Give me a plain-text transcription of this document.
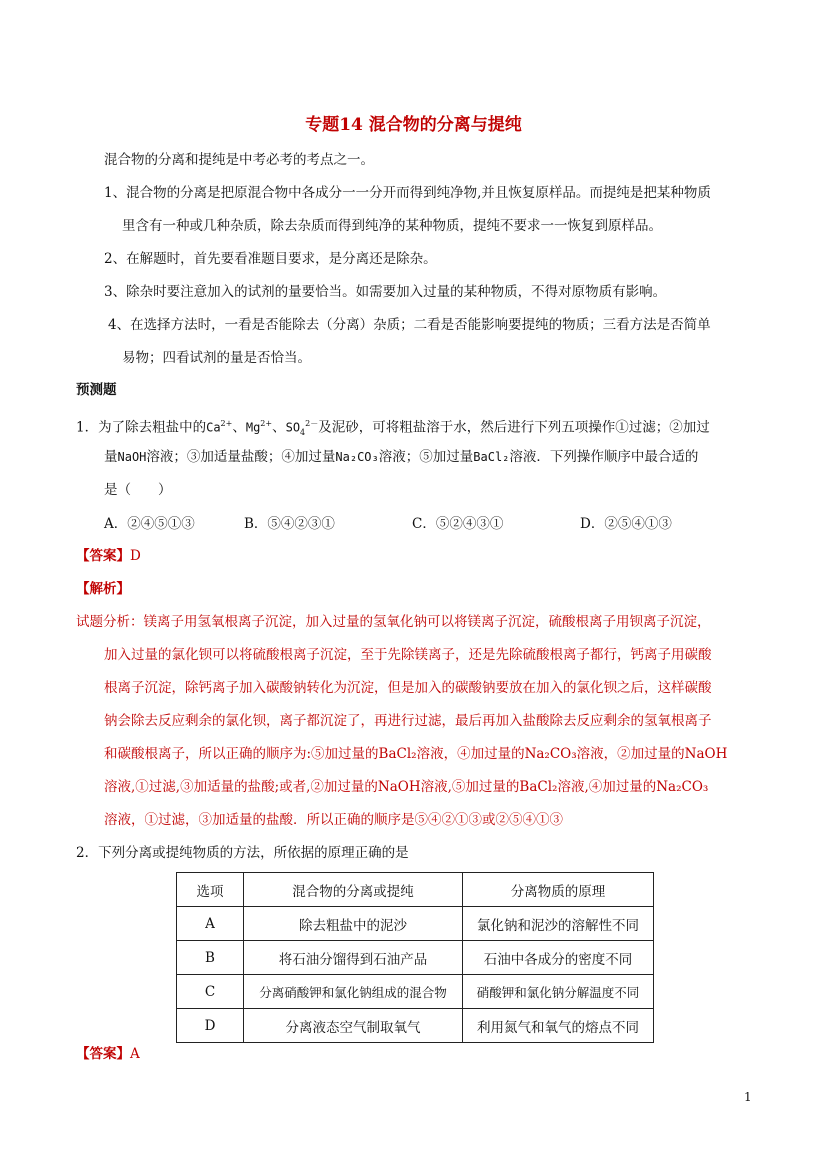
专题14 混合物的分离与提纯
混合物的分离和提纯是中考必考的考点之一。
1、混合物的分离是把原混合物中各成分一一分开而得到纯净物,并且恢复原样品。而提纯是把某种物质
里含有一种或几种杂质，除去杂质而得到纯净的某种物质，提纯不要求一一恢复到原样品。
2、在解题时，首先要看准题目要求，是分离还是除杂。
3、除杂时要注意加入的试剂的量要恰当。如需要加入过量的某种物质，不得对原物质有影响。
4、在选择方法时，一看是否能除去（分离）杂质；二看是否能影响要提纯的物质；三看方法是否简单
易物；四看试剂的量是否恰当。
预测题
1．为了除去粗盐中的$Ca^{2+}$、$Mg^{2+}$、$SO_4^{2-}$及泥砂，可将粗盐溶于水，然后进行下列五项操作①过滤；②加过
量NaOH溶液；③加适量盐酸；④加过量Na₂CO₃溶液；⑤加过量BaCl₂溶液．下列操作顺序中最合适的
是（　　）
A．②④⑤①③	B．⑤④②③①	C．⑤②④③①	D．②⑤④①③
【答案】D
【解析】
试题分析：镁离子用氢氧根离子沉淀，加入过量的氢氧化钠可以将镁离子沉淀，硫酸根离子用钡离子沉淀，
加入过量的氯化钡可以将硫酸根离子沉淀，至于先除镁离子，还是先除硫酸根离子都行，钙离子用碳酸
根离子沉淀，除钙离子加入碳酸钠转化为沉淀，但是加入的碳酸钠要放在加入的氯化钡之后，这样碳酸
钠会除去反应剩余的氯化钡，离子都沉淀了，再进行过滤，最后再加入盐酸除去反应剩余的氢氧根离子
和碳酸根离子，所以正确的顺序为:⑤加过量的BaCl₂溶液，④加过量的Na₂CO₃溶液，②加过量的NaOH
溶液,①过滤,③加适量的盐酸;或者,②加过量的NaOH溶液,⑤加过量的BaCl₂溶液,④加过量的Na₂CO₃
溶液，①过滤，③加适量的盐酸．所以正确的顺序是⑤④②①③或②⑤④①③
2．下列分离或提纯物质的方法，所依据的原理正确的是
选项	混合物的分离或提纯	分离物质的原理
A	除去粗盐中的泥沙	氯化钠和泥沙的溶解性不同
B	将石油分馏得到石油产品	石油中各成分的密度不同
C	分离硝酸钾和氯化钠组成的混合物	硝酸钾和氯化钠分解温度不同
D	分离液态空气制取氧气	利用氮气和氧气的熔点不同
【答案】A
1
